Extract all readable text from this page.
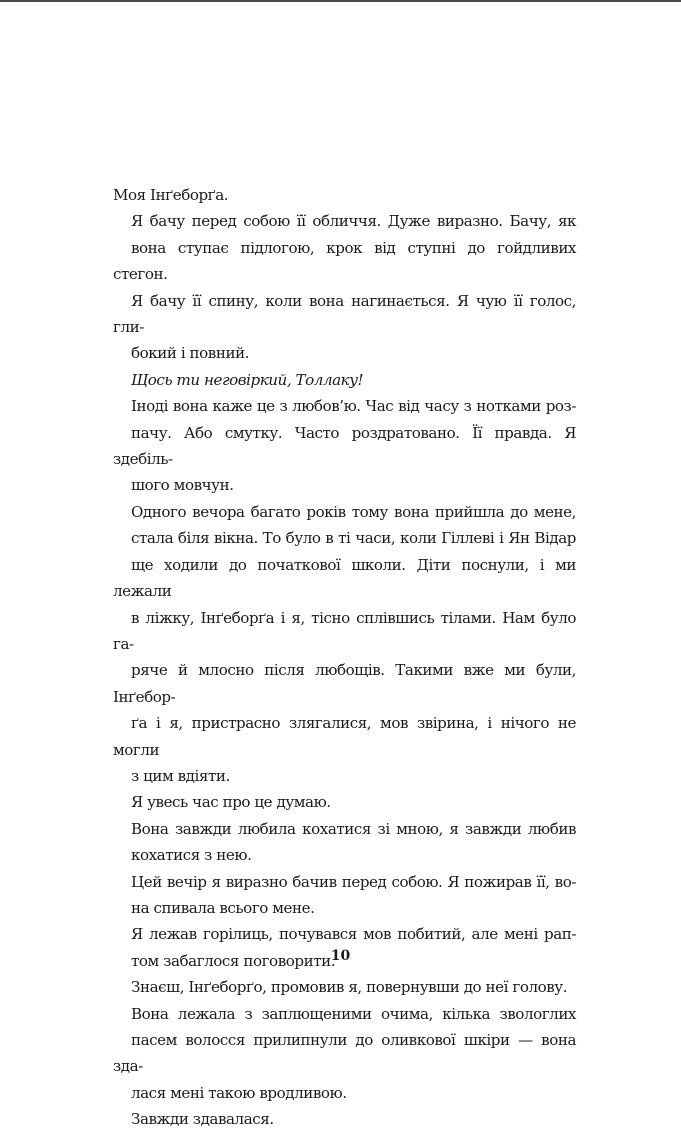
Моя Інґеборґа.

Я бачу перед собою її обличчя. Дуже виразно. Бачу, як
вона ступає підлогою, крок від ступні до гойдливих стегон.
Я бачу її спину, коли вона нагинається. Я чую її голос, гли-
бокий і повний.

Щось ти неговіркий, Толлаку!

Іноді вона каже це з любов’ю. Час від часу з нотками роз-
пачу. Або смутку. Часто роздратовано. Її правда. Я здебіль-
шого мовчун.

Одного вечора багато років тому вона прийшла до мене,
стала біля вікна. То було в ті часи, коли Гіллеві і Ян Відар
ще ходили до початкової школи. Діти поснули, і ми лежали
в ліжку, Інґеборґа і я, тісно сплівшись тілами. Нам було га-
ряче й млосно після любощів. Такими вже ми були, Інґебор-
ґа і я, пристрасно злягалися, мов звірина, і нічого не могли
з цим вдіяти.

Я увесь час про це думаю.

Вона завжди любила кохатися зі мною, я завжди любив
кохатися з нею.

Цей вечір я виразно бачив перед собою. Я пожирав її, во-
на спивала всього мене.

Я лежав горілиць, почувався мов побитий, але мені рап-
том забаглося поговорити.

Знаєш, Інґеборґо, промовив я, повернувши до неї голову.

Вона лежала з заплющеними очима, кілька звологлих
пасем волосся прилипнули до оливкової шкіри — вона зда-
лася мені такою вродливою.

Завжди здавалася.

10
